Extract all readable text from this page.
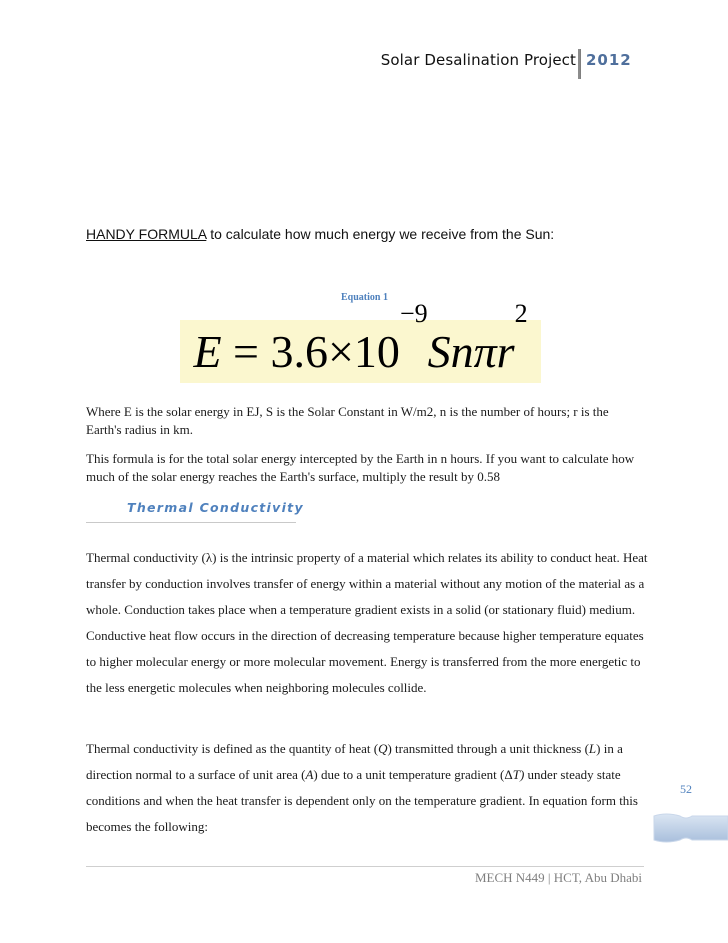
Solar Desalination Project 2012
HANDY FORMULA to calculate how much energy we receive from the Sun:
Equation 1
$E = 3.6\times 10^{-9}Sn\pi r^2$

Where E is the solar energy in EJ, S is the Solar Constant in W/m2, n is the number of hours; r is the Earth's radius in km.

This formula is for the total solar energy intercepted by the Earth in n hours. If you want to calculate how much of the solar energy reaches the Earth's surface, multiply the result by 0.58

Thermal Conductivity

Thermal conductivity (λ) is the intrinsic property of a material which relates its ability to conduct heat. Heat transfer by conduction involves transfer of energy within a material without any motion of the material as a whole. Conduction takes place when a temperature gradient exists in a solid (or stationary fluid) medium. Conductive heat flow occurs in the direction of decreasing temperature because higher temperature equates to higher molecular energy or more molecular movement. Energy is transferred from the more energetic to the less energetic molecules when neighboring molecules collide.

Thermal conductivity is defined as the quantity of heat (Q) transmitted through a unit thickness (L) in a direction normal to a surface of unit area (A) due to a unit temperature gradient (ΔT) under steady state conditions and when the heat transfer is dependent only on the temperature gradient. In equation form this becomes the following:

52
MECH N449 | HCT, Abu Dhabi
